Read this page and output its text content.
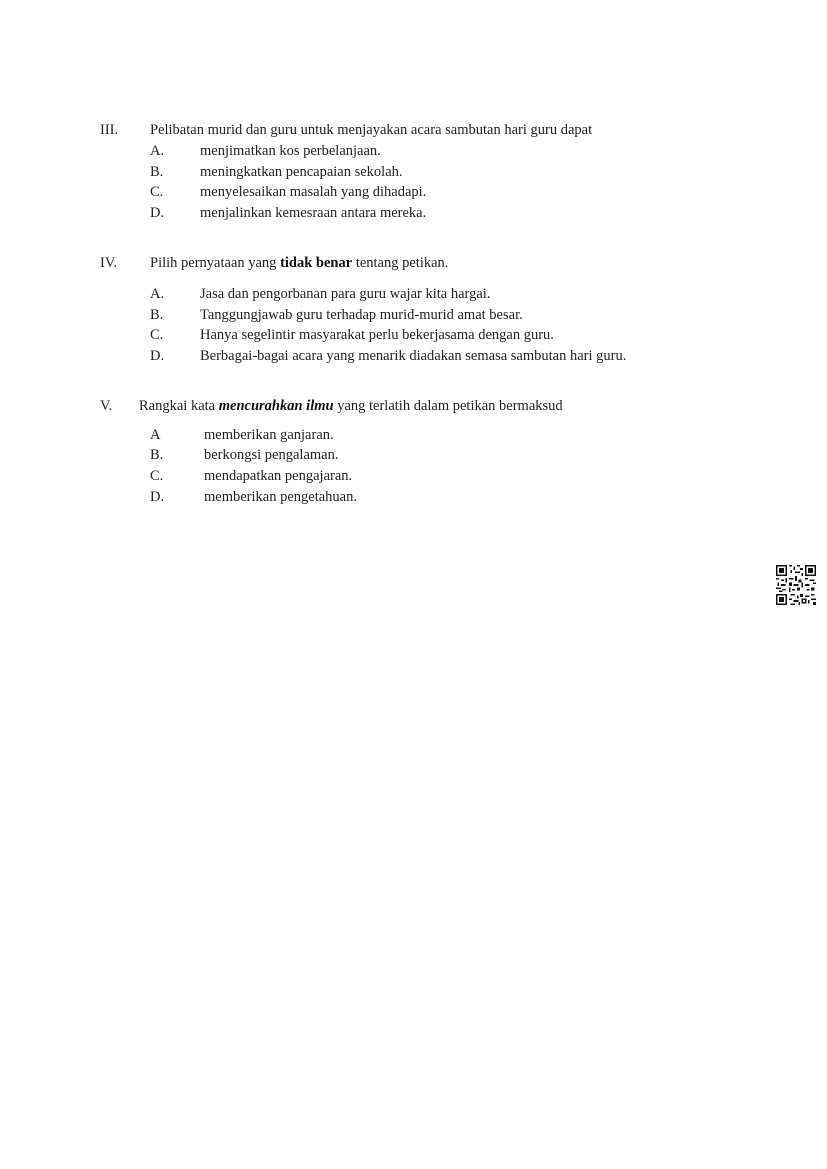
III. Pelibatan murid dan guru untuk menjayakan acara sambutan hari guru dapat
A. menjimatkan kos perbelanjaan.
B.	meningkatkan pencapaian sekolah.
C.	menyelesaikan masalah yang dihadapi.
D. menjalinkan kemesraan antara mereka.
IV. Pilih pernyataan yang tidak benar tentang petikan.
A. Jasa dan pengorbanan para guru wajar kita hargai.
B.	Tanggungjawab guru terhadap murid-murid amat besar.
C.	Hanya segelintir masyarakat perlu bekerjasama dengan guru.
D. Berbagai-bagai acara yang menarik diadakan semasa sambutan hari guru.
V. Rangkai kata mencurahkan ilmu yang terlatih dalam petikan bermaksud
A	memberikan ganjaran.
B.	berkongsi pengalaman.
C.	mendapatkan pengajaran.
D.	memberikan pengetahuan.
